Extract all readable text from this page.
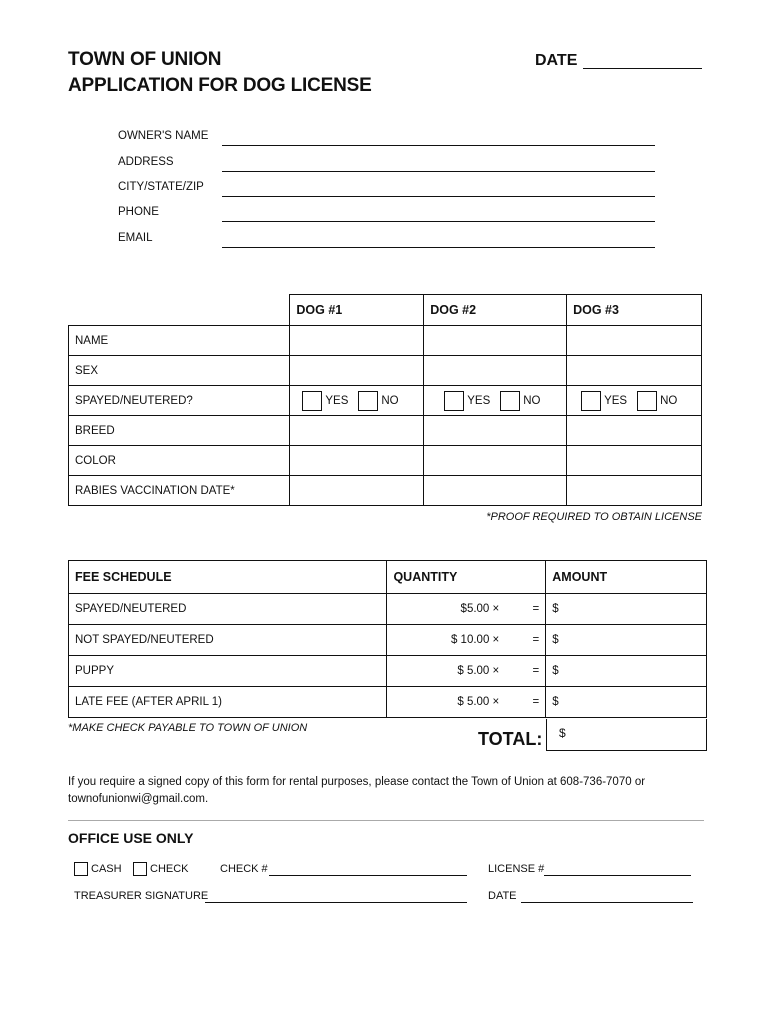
TOWN OF UNION
APPLICATION FOR DOG LICENSE
DATE
OWNER'S NAME
ADDRESS
CITY/STATE/ZIP
PHONE
EMAIL
	DOG #1	DOG #2	DOG #3
NAME			
SEX			
SPAYED/NEUTERED?	YES NO	YES NO	YES NO

BREED			
COLOR			
RABIES VACCINATION DATE*			
*PROOF REQUIRED TO OBTAIN LICENSE
FEE SCHEDULE	QUANTITY	AMOUNT
SPAYED/NEUTERED	$5.00 × =	$
NOT SPAYED/NEUTERED	$ 10.00 × =	$
PUPPY	$ 5.00 × =	$
LATE FEE (AFTER APRIL 1)	$ 5.00 × =	$
*MAKE CHECK PAYABLE TO TOWN OF UNION
TOTAL:	$
If you require a signed copy of this form for rental purposes, please contact the Town of Union at 608-736-7070 or townofunionwi@gmail.com.
OFFICE USE ONLY
CASH	CHECK	CHECK #	LICENSE #
TREASURER SIGNATURE	DATE
